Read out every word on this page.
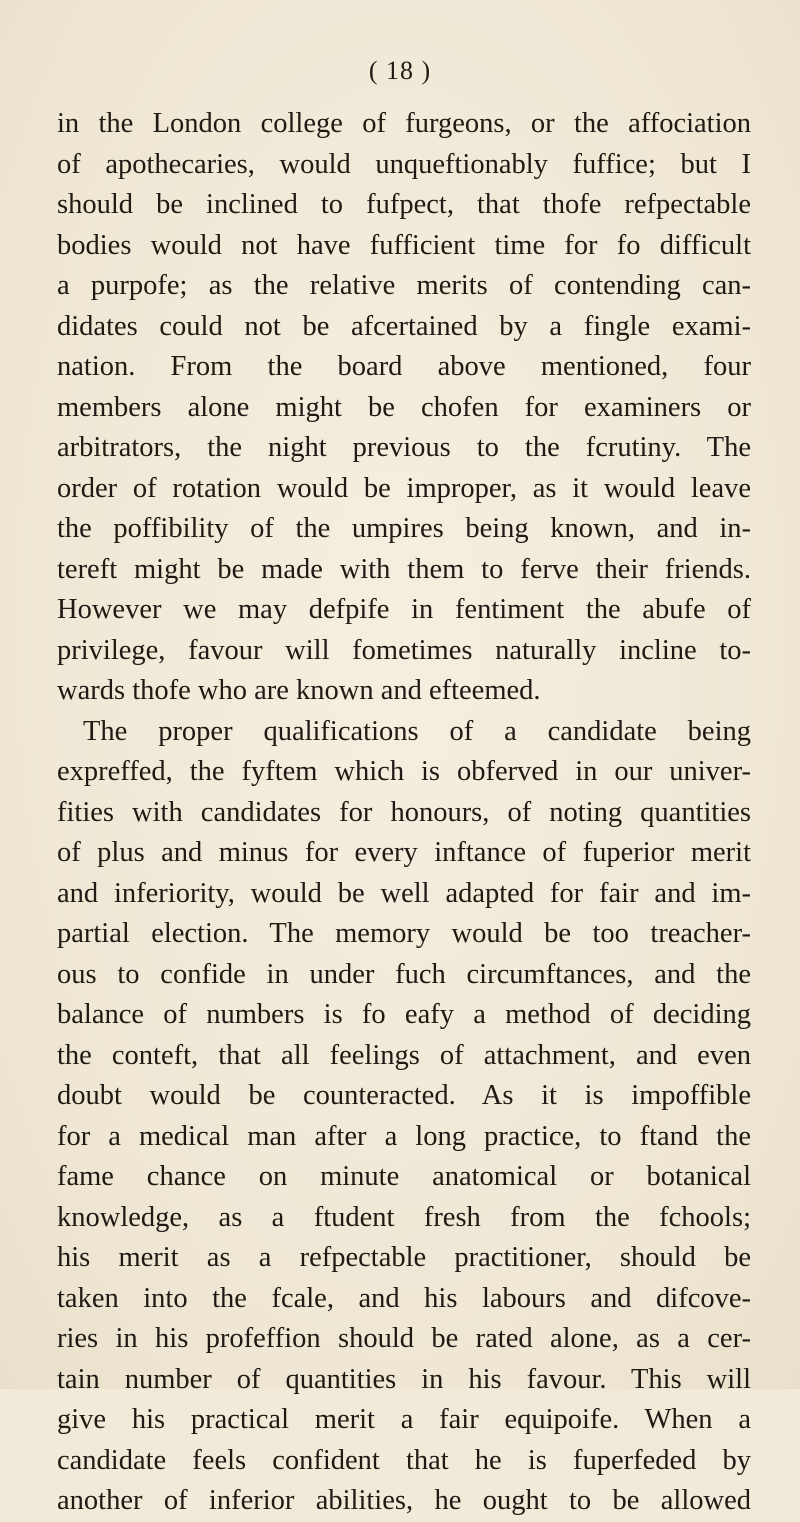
( 18 )
in the London college of furgeons, or the affociation
of apothecaries, would unqueftionably fuffice; but I
should be inclined to fufpect, that thofe refpectable
bodies would not have fufficient time for fo difficult
a purpofe; as the relative merits of contending can-
didates could not be afcertained by a fingle exami-
nation. From the board above mentioned, four
members alone might be chofen for examiners or
arbitrators, the night previous to the fcrutiny. The
order of rotation would be improper, as it would leave
the poffibility of the umpires being known, and in-
tereft might be made with them to ferve their friends.
However we may defpife in fentiment the abufe of
privilege, favour will fometimes naturally incline to-
wards thofe who are known and efteemed.
The proper qualifications of a candidate being
expreffed, the fyftem which is obferved in our univer-
fities with candidates for honours, of noting quantities
of plus and minus for every inftance of fuperior merit
and inferiority, would be well adapted for fair and im-
partial election. The memory would be too treacher-
ous to confide in under fuch circumftances, and the
balance of numbers is fo eafy a method of deciding
the conteft, that all feelings of attachment, and even
doubt would be counteracted. As it is impoffible
for a medical man after a long practice, to ftand the
fame chance on minute anatomical or botanical
knowledge, as a ftudent fresh from the fchools;
his merit as a refpectable practitioner, should be
taken into the fcale, and his labours and difcove-
ries in his profeffion should be rated alone, as a cer-
tain number of quantities in his favour. This will
give his practical merit a fair equipoife. When a
candidate feels confident that he is fuperfeded by
another of inferior abilities, he ought to be allowed
